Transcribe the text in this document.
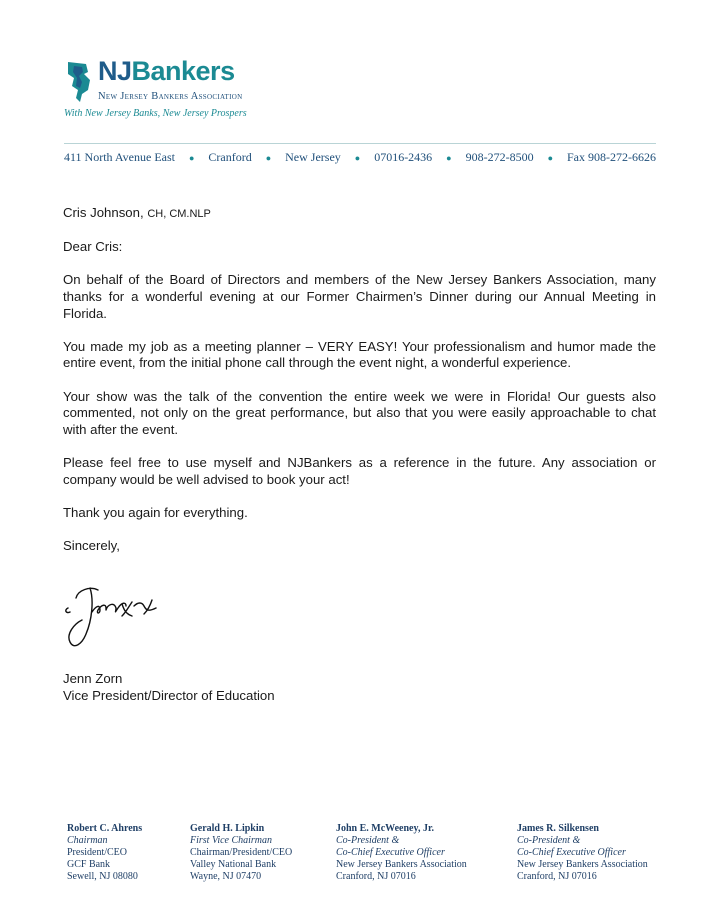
NJBankers
New Jersey Bankers Association
With New Jersey Banks, New Jersey Prospers
411 North Avenue East ● Cranford ● New Jersey ● 07016-2436 ● 908-272-8500 ● Fax 908-272-6626

Cris Johnson, CH, CM.NLP

Dear Cris:

On behalf of the Board of Directors and members of the New Jersey Bankers Association, many thanks for a wonderful evening at our Former Chairmen’s Dinner during our Annual Meeting in Florida.

You made my job as a meeting planner – VERY EASY! Your professionalism and humor made the entire event, from the initial phone call through the event night, a wonderful experience.

Your show was the talk of the convention the entire week we were in Florida! Our guests also commented, not only on the great performance, but also that you were easily approachable to chat with after the event.

Please feel free to use myself and NJBankers as a reference in the future. Any association or company would be well advised to book your act!

Thank you again for everything.

Sincerely,

Jenn Zorn
Vice President/Director of Education
Robert C. Ahrens
Chairman
President/CEO
GCF Bank
Sewell, NJ 08080
Gerald H. Lipkin
First Vice Chairman
Chairman/President/CEO
Valley National Bank
Wayne, NJ 07470
John E. McWeeney, Jr.
Co-President &
Co-Chief Executive Officer
New Jersey Bankers Association
Cranford, NJ 07016
James R. Silkensen
Co-President &
Co-Chief Executive Officer
New Jersey Bankers Association
Cranford, NJ 07016
